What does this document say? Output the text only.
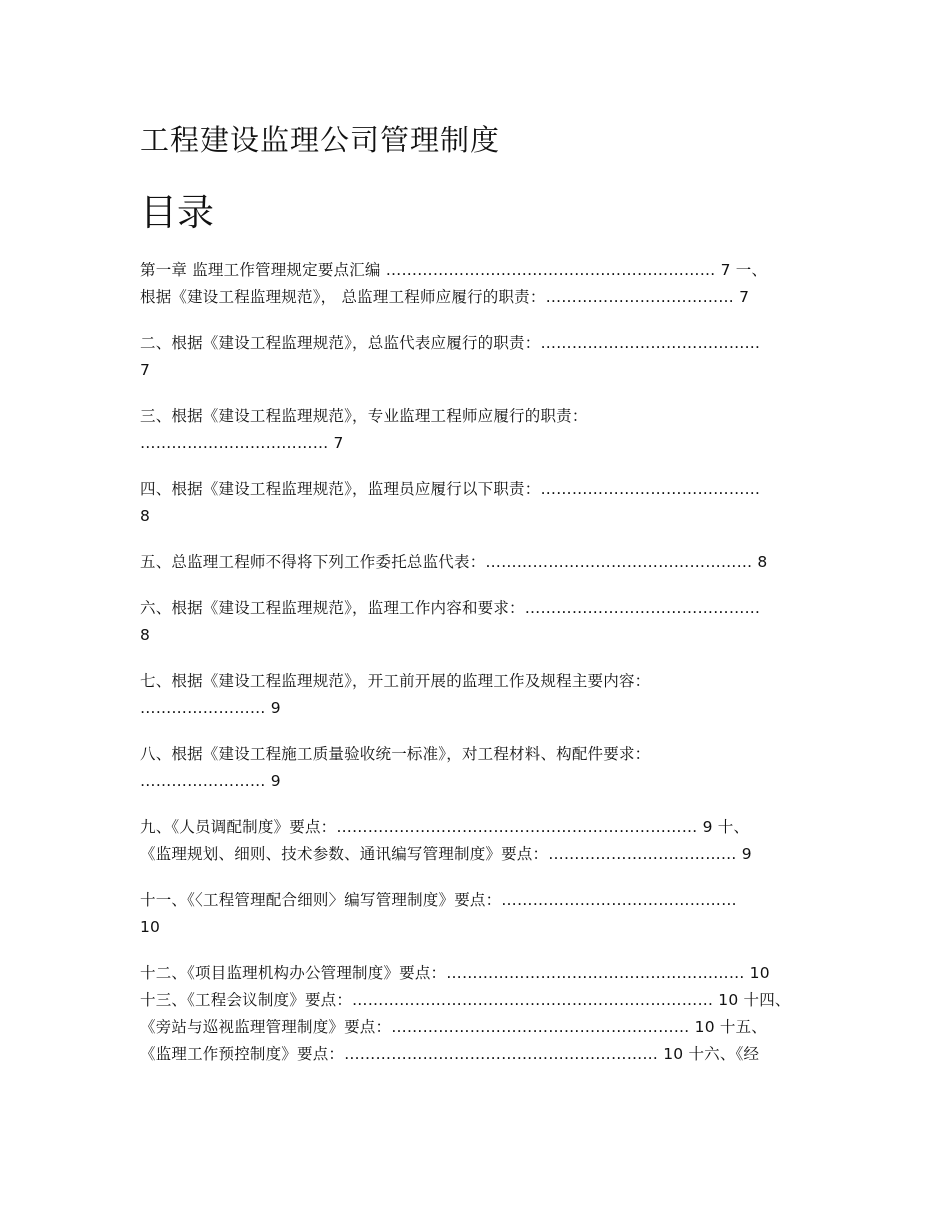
工程建设监理公司管理制度
目录
第一章 监理工作管理规定要点汇编 ……………………………………………………… 7 一、
根据《建设工程监理规范》， 总监理工程师应履行的职责：……………………………… 7
二、根据《建设工程监理规范》，总监代表应履行的职责：……………………………………
7
三、根据《建设工程监理规范》，专业监理工程师应履行的职责：
……………………………… 7
四、根据《建设工程监理规范》，监理员应履行以下职责：……………………………………
8
五、总监理工程师不得将下列工作委托总监代表：…………………………………………… 8
六、根据《建设工程监理规范》，监理工作内容和要求：………………………………………
8
七、根据《建设工程监理规范》，开工前开展的监理工作及规程主要内容：
…………………… 9
八、根据《建设工程施工质量验收统一标准》，对工程材料、构配件要求：
…………………… 9
九、《人员调配制度》要点：…………………………………………………………… 9 十、
《监理规划、细则、技术参数、通讯编写管理制度》要点：……………………………… 9
十一、《〈工程管理配合细则〉编写管理制度》要点：………………………………………
10
十二、《项目监理机构办公管理制度》要点：………………………………………………… 10
十三、《工程会议制度》要点：…………………………………………………………… 10 十四、
《旁站与巡视监理管理制度》要点：………………………………………………… 10 十五、
《监理工作预控制度》要点：…………………………………………………… 10 十六、《经
